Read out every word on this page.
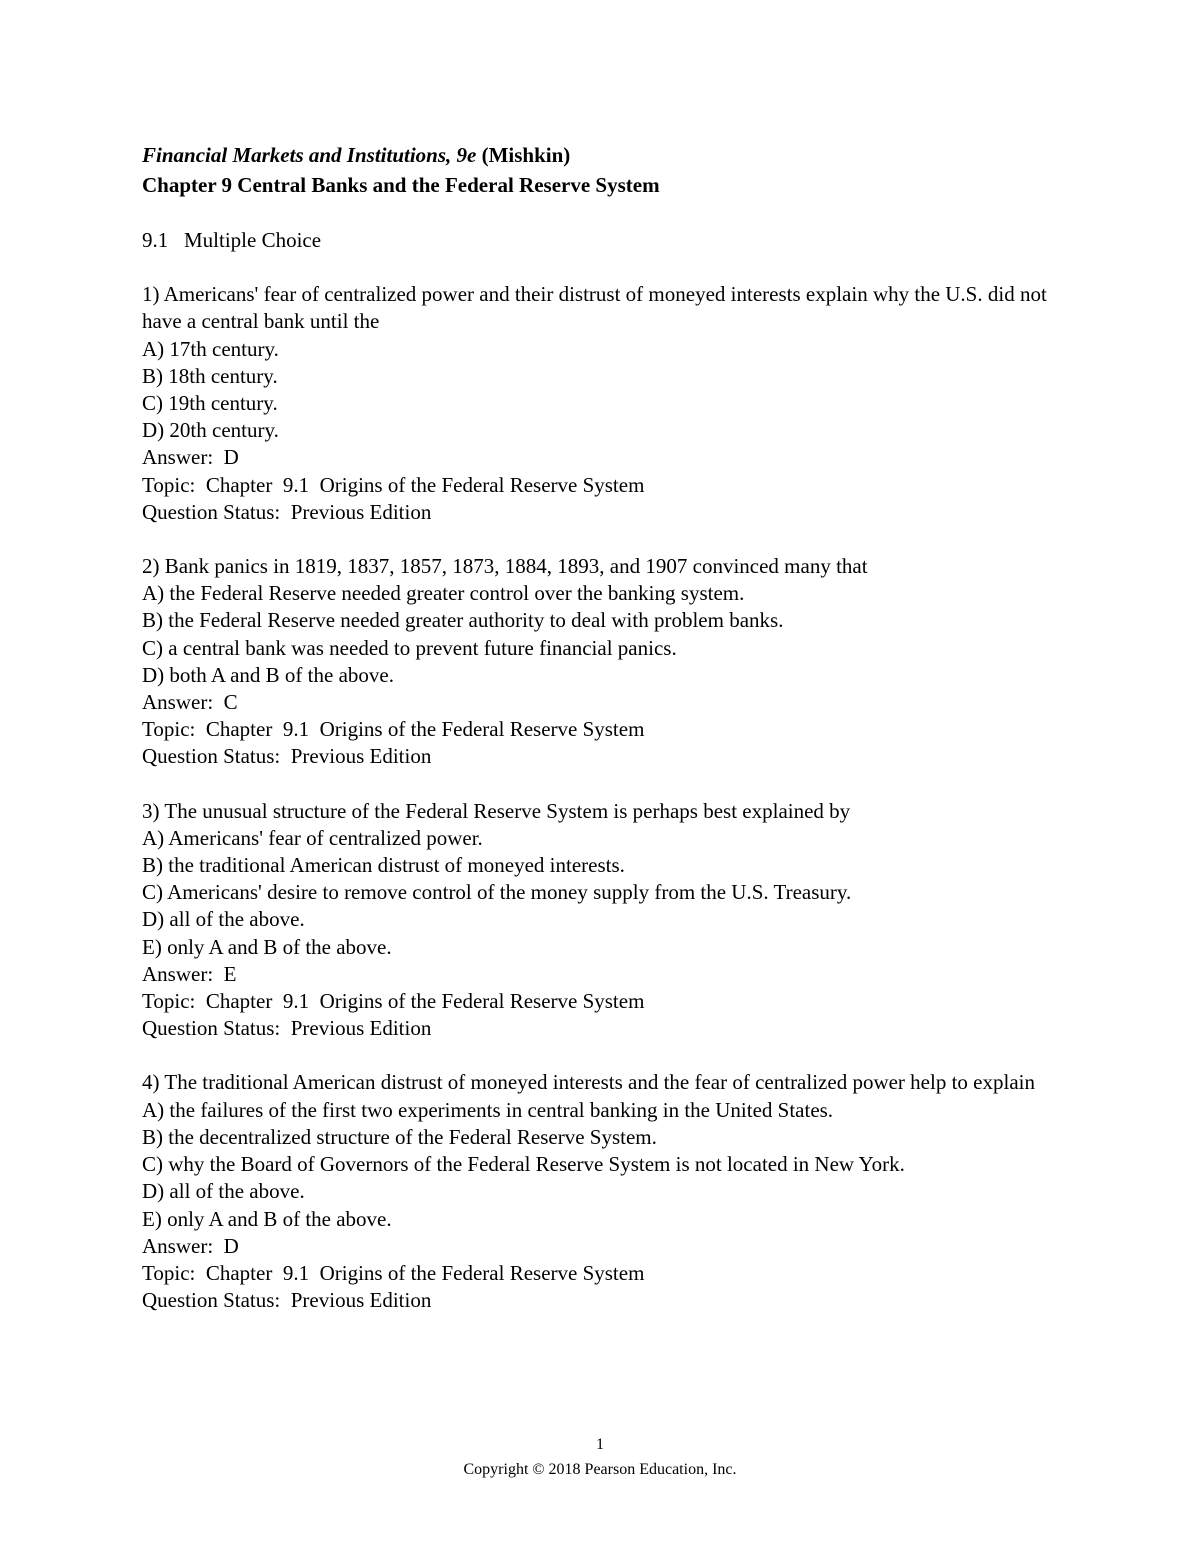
Financial Markets and Institutions, 9e (Mishkin)
Chapter 9 Central Banks and the Federal Reserve System
9.1   Multiple Choice
1) Americans' fear of centralized power and their distrust of moneyed interests explain why the U.S. did not have a central bank until the
A) 17th century.
B) 18th century.
C) 19th century.
D) 20th century.
Answer:  D
Topic:  Chapter  9.1  Origins of the Federal Reserve System
Question Status:  Previous Edition
2) Bank panics in 1819, 1837, 1857, 1873, 1884, 1893, and 1907 convinced many that
A) the Federal Reserve needed greater control over the banking system.
B) the Federal Reserve needed greater authority to deal with problem banks.
C) a central bank was needed to prevent future financial panics.
D) both A and B of the above.
Answer:  C
Topic:  Chapter  9.1  Origins of the Federal Reserve System
Question Status:  Previous Edition
3) The unusual structure of the Federal Reserve System is perhaps best explained by
A) Americans' fear of centralized power.
B) the traditional American distrust of moneyed interests.
C) Americans' desire to remove control of the money supply from the U.S. Treasury.
D) all of the above.
E) only A and B of the above.
Answer:  E
Topic:  Chapter  9.1  Origins of the Federal Reserve System
Question Status:  Previous Edition
4) The traditional American distrust of moneyed interests and the fear of centralized power help to explain
A) the failures of the first two experiments in central banking in the United States.
B) the decentralized structure of the Federal Reserve System.
C) why the Board of Governors of the Federal Reserve System is not located in New York.
D) all of the above.
E) only A and B of the above.
Answer:  D
Topic:  Chapter  9.1  Origins of the Federal Reserve System
Question Status:  Previous Edition
1
Copyright © 2018 Pearson Education, Inc.
